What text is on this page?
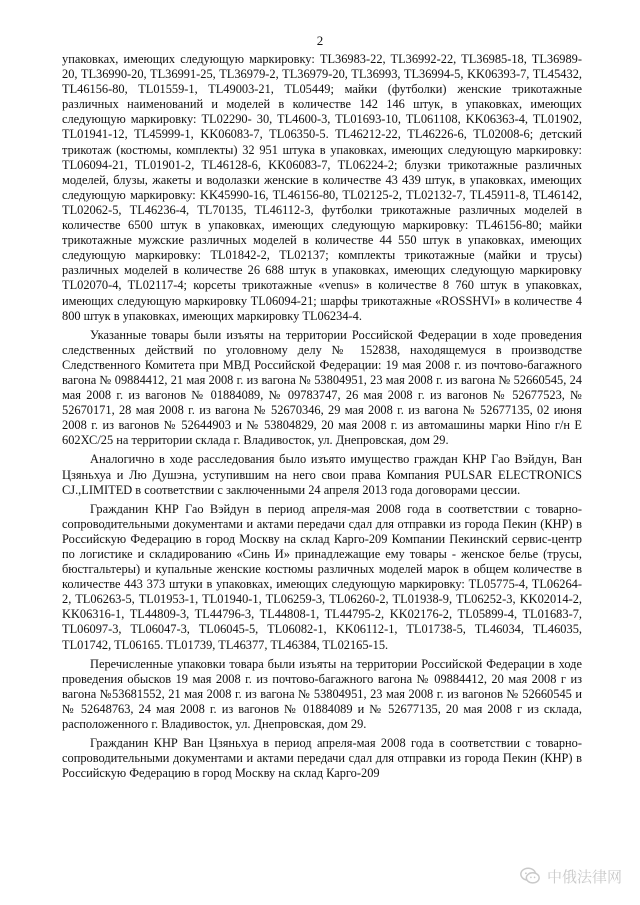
2

упаковках, имеющих следующую маркировку: TL36983-22, TL36992-22, TL36985-18, TL36989-20, TL36990-20, TL36991-25, TL36979-2, TL36979-20, TL36993, TL36994-5, KK06393-7, TL45432, TL46156-80, TL01559-1, TL49003-21, TL05449; майки (футболки) женские трикотажные различных наименований и моделей в количестве 142 146 штук, в упаковках, имеющих следующую маркировку: TL02290- 30, TL4600-3, TL01693-10, TL061108, KK06363-4, TL01902, TL01941-12, TL45999-1, KK06083-7, TL06350-5. TL46212-22, TL46226-6, TL02008-6; детский трикотаж (костюмы, комплекты) 32 951 штука в упаковках, имеющих следующую маркировку: TL06094-21, TL01901-2, TL46128-6, KK06083-7, TL06224-2; блузки трикотажные различных моделей, блузы, жакеты и водолазки женские в количестве 43 439 штук, в упаковках, имеющих следующую маркировку: KK45990-16, TL46156-80, TL02125-2, TL02132-7, TL45911-8, TL46142, TL02062-5, TL46236-4, TL70135, TL46112-3, футболки трикотажные различных моделей в количестве 6500 штук в упаковках, имеющих следующую маркировку: TL46156-80; майки трикотажные мужские различных моделей в количестве 44 550 штук в упаковках, имеющих следующую маркировку: TL01842-2, TL02137; комплекты трикотажные (майки и трусы) различных моделей в количестве 26 688 штук в упаковках, имеющих следующую маркировку TL02070-4, TL02117-4; корсеты трикотажные «venus» в количестве 8 760 штук в упаковках, имеющих следующую маркировку TL06094-21; шарфы трикотажные «ROSSHVI» в количестве 4 800 штук в упаковках, имеющих маркировку TL06234-4.

Указанные товары были изъяты на территории Российской Федерации в ходе проведения следственных действий по уголовному делу № 152838, находящемуся в производстве Следственного Комитета при МВД Российской Федерации: 19 мая 2008 г. из почтово-багажного вагона № 09884412, 21 мая 2008 г. из вагона № 53804951, 23 мая 2008 г. из вагона № 52660545, 24 мая 2008 г. из вагонов № 01884089, № 09783747, 26 мая 2008 г. из вагонов № 52677523, № 52670171, 28 мая 2008 г. из вагона № 52670346, 29 мая 2008 г. из вагона № 52677135, 02 июня 2008 г. из вагонов № 52644903 и № 53804829, 20 мая 2008 г. из автомашины марки Hino г/н Е 602ХС/25 на территории склада г. Владивосток, ул. Днепровская, дом 29.

Аналогично в ходе расследования было изъято имущество граждан КНР Гао Вэйдун, Ван Цзяньхуа и Лю Душэна, уступившим на него свои права Компания PULSAR ELECTRONICS CJ.,LIMITED в соответствии с заключенными 24 апреля 2013 года договорами цессии.

Гражданин КНР Гао Вэйдун в период апреля-мая 2008 года в соответствии с товарно-сопроводительными документами и актами передачи сдал для отправки из города Пекин (КНР) в Российскую Федерацию в город Москву на склад Карго-209 Компании Пекинский сервис-центр по логистике и складированию «Синь И» принадлежащие ему товары - женское белье (трусы, бюстгальтеры) и купальные женские костюмы различных моделей марок в общем количестве в количестве 443 373 штуки в упаковках, имеющих следующую маркировку: TL05775-4, TL06264-2, TL06263-5, TL01953-1, TL01940-1, TL06259-3, TL06260-2, TL01938-9, TL06252-3, KK02014-2, KK06316-1, TL44809-3, TL44796-3, TL44808-1, TL44795-2, KK02176-2, TL05899-4, TL01683-7, TL06097-3, TL06047-3, TL06045-5, TL06082-1, KK06112-1, TL01738-5, TL46034, TL46035, TL01742, TL06165. TL01739, TL46377, TL46384, TL02165-15.

Перечисленные упаковки товара были изъяты на территории Российской Федерации в ходе проведения обысков 19 мая 2008 г. из почтово-багажного вагона № 09884412, 20 мая 2008 г из вагона №53681552, 21 мая 2008 г. из вагона № 53804951, 23 мая 2008 г. из вагонов № 52660545 и № 52648763, 24 мая 2008 г. из вагонов № 01884089 и № 52677135, 20 мая 2008 г из склада, расположенного г. Владивосток, ул. Днепровская, дом 29.

Гражданин КНР Ван Цзяньхуа в период апреля-мая 2008 года в соответствии с товарно-сопроводительными документами и актами передачи сдал для отправки из города Пекин (КНР) в Российскую Федерацию в город Москву на склад Карго-209

中俄法律网
